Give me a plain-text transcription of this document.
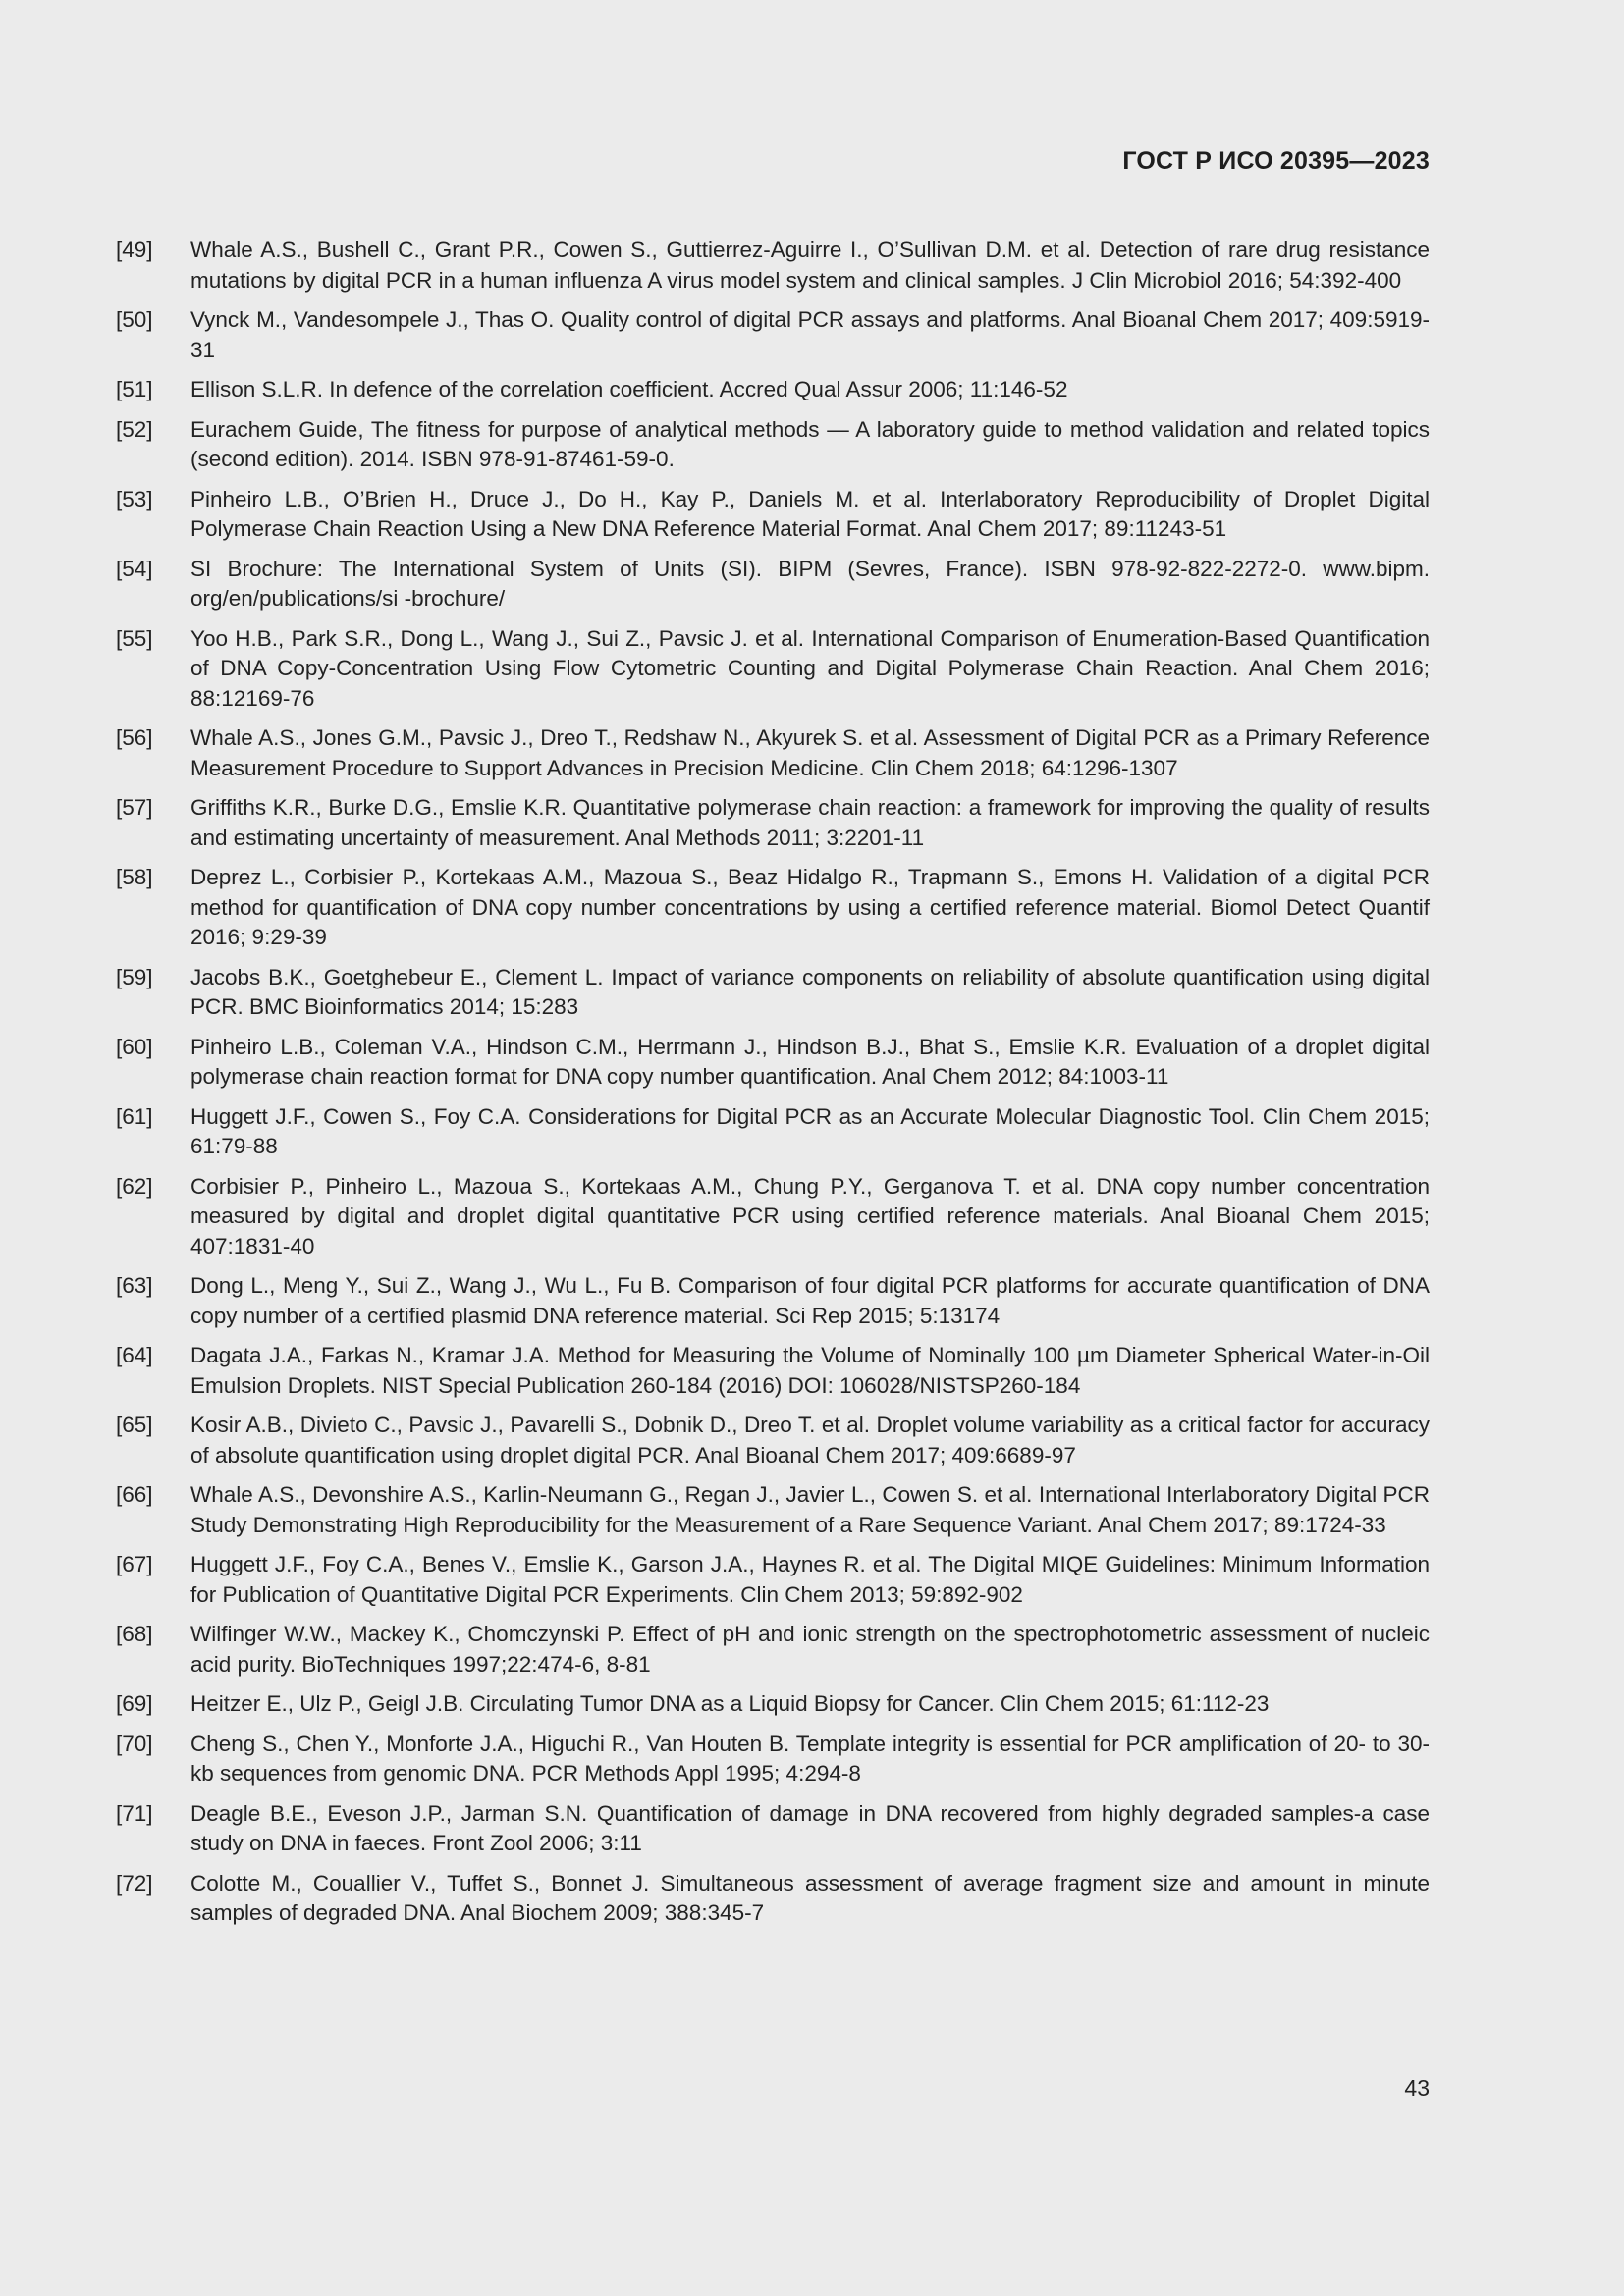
ГОСТ Р ИСО 20395—2023
[49]	Whale A.S., Bushell C., Grant P.R., Cowen S., Guttierrez-Aguirre I., O’Sullivan D.M. et al. Detection of rare drug resistance mutations by digital PCR in a human influenza A virus model system and clinical samples. J Clin Microbiol 2016; 54:392-400
[50]	Vynck M., Vandesompele J., Thas O. Quality control of digital PCR assays and platforms. Anal Bioanal Chem 2017; 409:5919-31
[51]	Ellison S.L.R. In defence of the correlation coefficient. Accred Qual Assur 2006; 11:146-52
[52]	Eurachem Guide, The fitness for purpose of analytical methods — A laboratory guide to method validation and related topics (second edition). 2014. ISBN 978-91-87461-59-0.
[53]	Pinheiro L.B., O’Brien H., Druce J., Do H., Kay P., Daniels M. et al. Interlaboratory Reproducibility of Droplet Digital Polymerase Chain Reaction Using a New DNA Reference Material Format. Anal Chem 2017; 89:11243-51
[54]	SI Brochure: The International System of Units (SI). BIPM (Sevres, France). ISBN 978-92-822-2272-0. www.bipm. org/en/publications/si -brochure/
[55]	Yoo H.B., Park S.R., Dong L., Wang J., Sui Z., Pavsic J. et al. International Comparison of Enumeration-Based Quantification of DNA Copy-Concentration Using Flow Cytometric Counting and Digital Polymerase Chain Reaction. Anal Chem 2016; 88:12169-76
[56]	Whale A.S., Jones G.M., Pavsic J., Dreo T., Redshaw N., Akyurek S. et al. Assessment of Digital PCR as a Primary Reference Measurement Procedure to Support Advances in Precision Medicine. Clin Chem 2018; 64:1296-1307
[57]	Griffiths K.R., Burke D.G., Emslie K.R. Quantitative polymerase chain reaction: a framework for improving the quality of results and estimating uncertainty of measurement. Anal Methods 2011; 3:2201-11
[58]	Deprez L., Corbisier P., Kortekaas A.M., Mazoua S., Beaz Hidalgo R., Trapmann S., Emons H. Validation of a digital PCR method for quantification of DNA copy number concentrations by using a certified reference material. Biomol Detect Quantif 2016; 9:29-39
[59]	Jacobs B.K., Goetghebeur E., Clement L. Impact of variance components on reliability of absolute quantification using digital PCR. BMC Bioinformatics 2014; 15:283
[60]	Pinheiro L.B., Coleman V.A., Hindson C.M., Herrmann J., Hindson B.J., Bhat S., Emslie K.R. Evaluation of a droplet digital polymerase chain reaction format for DNA copy number quantification. Anal Chem 2012; 84:1003-11
[61]	Huggett J.F., Cowen S., Foy C.A. Considerations for Digital PCR as an Accurate Molecular Diagnostic Tool. Clin Chem 2015; 61:79-88
[62]	Corbisier P., Pinheiro L., Mazoua S., Kortekaas A.M., Chung P.Y., Gerganova T. et al. DNA copy number concentration measured by digital and droplet digital quantitative PCR using certified reference materials. Anal Bioanal Chem 2015; 407:1831-40
[63]	Dong L., Meng Y., Sui Z., Wang J., Wu L., Fu B. Comparison of four digital PCR platforms for accurate quantification of DNA copy number of a certified plasmid DNA reference material. Sci Rep 2015; 5:13174
[64]	Dagata J.A., Farkas N., Kramar J.A. Method for Measuring the Volume of Nominally 100 µm Diameter Spherical Water-in-Oil Emulsion Droplets. NIST Special Publication 260-184 (2016) DOI: 106028/NISTSP260-184
[65]	Kosir A.B., Divieto C., Pavsic J., Pavarelli S., Dobnik D., Dreo T. et al. Droplet volume variability as a critical factor for accuracy of absolute quantification using droplet digital PCR. Anal Bioanal Chem 2017; 409:6689-97
[66]	Whale A.S., Devonshire A.S., Karlin-Neumann G., Regan J., Javier L., Cowen S. et al. International Interlaboratory Digital PCR Study Demonstrating High Reproducibility for the Measurement of a Rare Sequence Variant. Anal Chem 2017; 89:1724-33
[67]	Huggett J.F., Foy C.A., Benes V., Emslie K., Garson J.A., Haynes R. et al. The Digital MIQE Guidelines: Minimum Information for Publication of Quantitative Digital PCR Experiments. Clin Chem 2013; 59:892-902
[68]	Wilfinger W.W., Mackey K., Chomczynski P. Effect of pH and ionic strength on the spectrophotometric assessment of nucleic acid purity. BioTechniques 1997;22:474-6, 8-81
[69]	Heitzer E., Ulz P., Geigl J.B. Circulating Tumor DNA as a Liquid Biopsy for Cancer. Clin Chem 2015; 61:112-23
[70]	Cheng S., Chen Y., Monforte J.A., Higuchi R., Van Houten B. Template integrity is essential for PCR amplification of 20- to 30-kb sequences from genomic DNA. PCR Methods Appl 1995; 4:294-8
[71]	Deagle B.E., Eveson J.P., Jarman S.N. Quantification of damage in DNA recovered from highly degraded samples-a case study on DNA in faeces. Front Zool 2006; 3:11
[72]	Colotte M., Couallier V., Tuffet S., Bonnet J. Simultaneous assessment of average fragment size and amount in minute samples of degraded DNA. Anal Biochem 2009; 388:345-7
43
